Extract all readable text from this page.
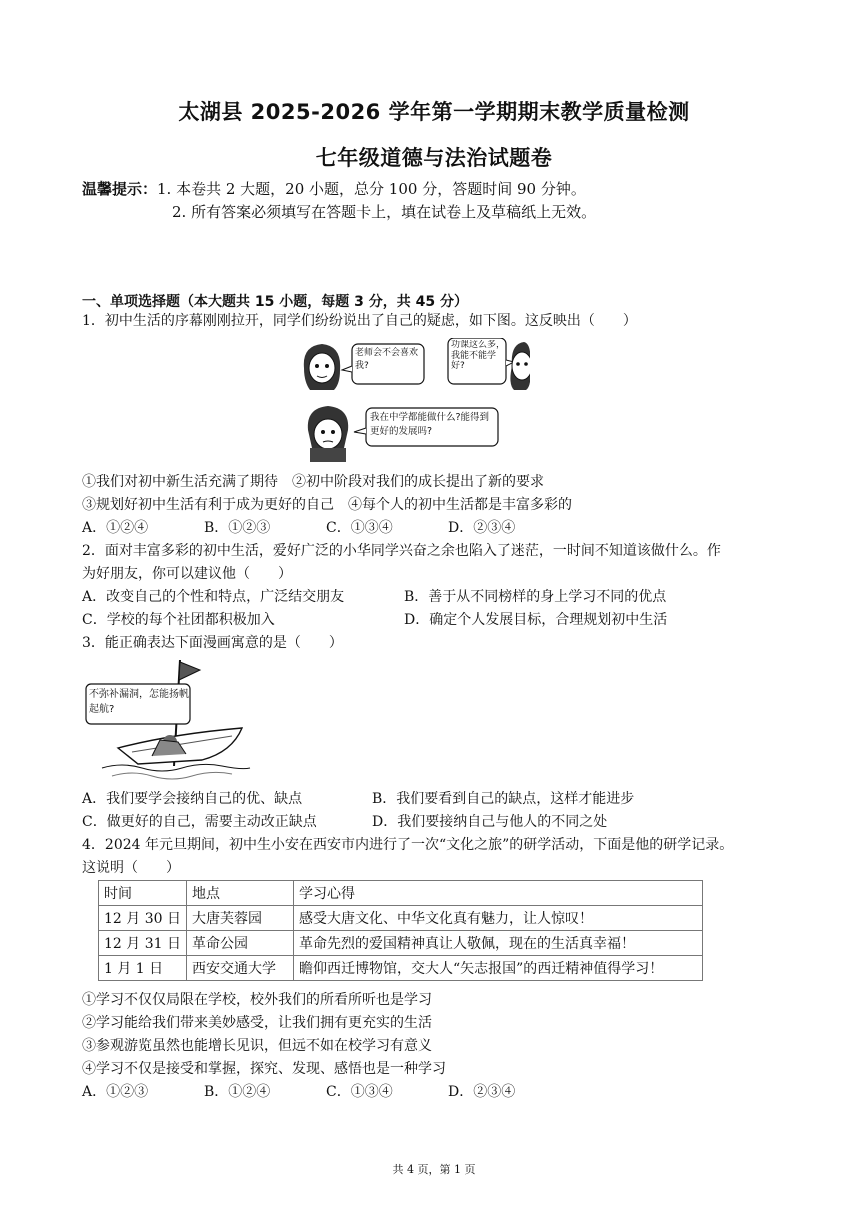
太湖县 2025-2026 学年第一学期期末教学质量检测
七年级道德与法治试题卷
温馨提示：1. 本卷共 2 大题，20 小题，总分 100 分，答题时间 90 分钟。
2. 所有答案必须填写在答题卡上，填在试卷上及草稿纸上无效。
一、单项选择题（本大题共 15 小题，每题 3 分，共 45 分）
1．初中生活的序幕刚刚拉开，同学们纷纷说出了自己的疑虑，如下图。这反映出（　　）
老师会不会喜欢我?
功课这么多，我能不能学好?
我在中学都能做什么?能得到更好的发展吗?
①我们对初中新生活充满了期待　②初中阶段对我们的成长提出了新的要求
③规划好初中生活有利于成为更好的自己　④每个人的初中生活都是丰富多彩的
A．①②④	B．①②③	C．①③④	D．②③④
2．面对丰富多彩的初中生活，爱好广泛的小华同学兴奋之余也陷入了迷茫，一时间不知道该做什么。作
为好朋友，你可以建议他（　　）
A．改变自己的个性和特点，广泛结交朋友	B．善于从不同榜样的身上学习不同的优点
C．学校的每个社团都积极加入	D．确定个人发展目标，合理规划初中生活
3．能正确表达下面漫画寓意的是（　　）
不弥补漏洞，怎能扬帆起航?
A．我们要学会接纳自己的优、缺点	B．我们要看到自己的缺点，这样才能进步
C．做更好的自己，需要主动改正缺点	D．我们要接纳自己与他人的不同之处
4．2024 年元旦期间，初中生小安在西安市内进行了一次“文化之旅”的研学活动，下面是他的研学记录。
这说明（　　）
时间	地点	学习心得
12 月 30 日	大唐芙蓉园	感受大唐文化、中华文化真有魅力，让人惊叹！
12 月 31 日	革命公园	革命先烈的爱国精神真让人敬佩，现在的生活真幸福！
1 月 1 日	西安交通大学	瞻仰西迁博物馆，交大人“矢志报国”的西迁精神值得学习！
①学习不仅仅局限在学校，校外我们的所看所听也是学习
②学习能给我们带来美妙感受，让我们拥有更充实的生活
③参观游览虽然也能增长见识，但远不如在校学习有意义
④学习不仅是接受和掌握，探究、发现、感悟也是一种学习
A．①②③	B．①②④	C．①③④	D．②③④
共 4 页，第 1 页
